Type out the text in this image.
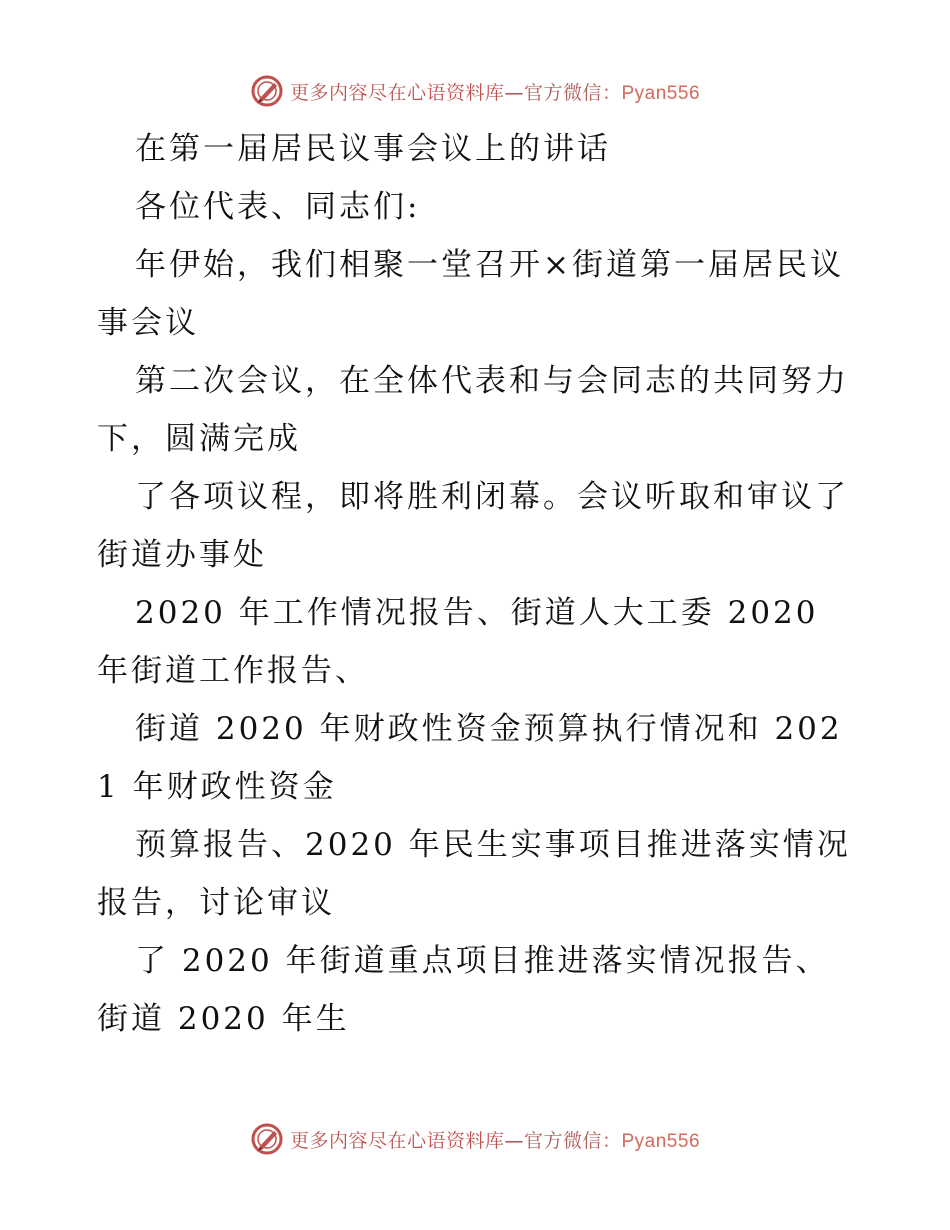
更多内容尽在心语资料库—官方微信：Pyan556

在第一届居民议事会议上的讲话

各位代表、同志们:

年伊始，我们相聚一堂召开×街道第一届居民议事会议

第二次会议，在全体代表和与会同志的共同努力下，圆满完成

了各项议程，即将胜利闭幕。会议听取和审议了街道办事处

2020 年工作情况报告、街道人大工委 2020 年街道工作报告、

街道 2020 年财政性资金预算执行情况和 2021 年财政性资金

预算报告、2020 年民生实事项目推进落实情况报告，讨论审议

了 2020 年街道重点项目推进落实情况报告、街道 2020 年生

更多内容尽在心语资料库—官方微信：Pyan556
